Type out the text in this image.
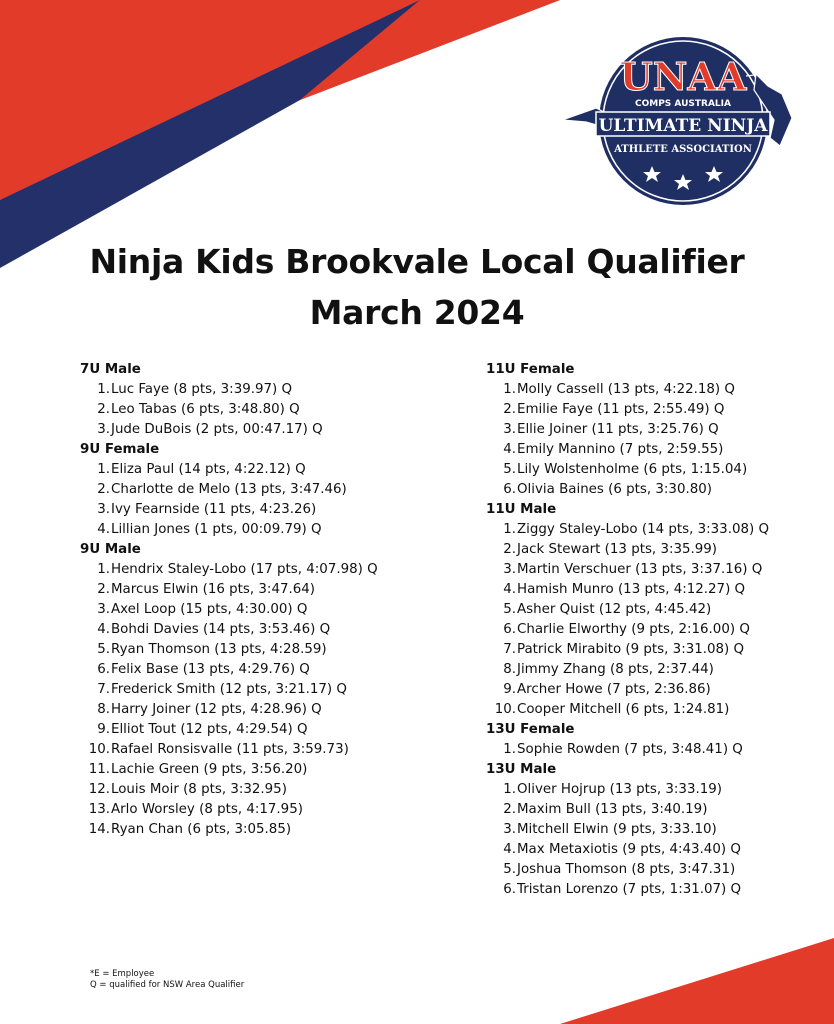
UNAA
COMPS AUSTRALIA
ULTIMATE NINJA
ATHLETE ASSOCIATION
Ninja Kids Brookvale Local Qualifier
March 2024
7U Male
1.Luc Faye (8 pts, 3:39.97) Q
2.Leo Tabas (6 pts, 3:48.80) Q
3.Jude DuBois (2 pts, 00:47.17) Q
9U Female
1.Eliza Paul (14 pts, 4:22.12) Q
2.Charlotte de Melo (13 pts, 3:47.46)
3.Ivy Fearnside (11 pts, 4:23.26)
4.Lillian Jones (1 pts, 00:09.79) Q
9U Male
1.Hendrix Staley-Lobo (17 pts, 4:07.98) Q
2.Marcus Elwin (16 pts, 3:47.64)
3.Axel Loop (15 pts, 4:30.00) Q
4.Bohdi Davies (14 pts, 3:53.46) Q
5.Ryan Thomson (13 pts, 4:28.59)
6.Felix Base (13 pts, 4:29.76) Q
7.Frederick Smith (12 pts, 3:21.17) Q
8.Harry Joiner (12 pts, 4:28.96) Q
9.Elliot Tout (12 pts, 4:29.54) Q
10.Rafael Ronsisvalle (11 pts, 3:59.73)
11.Lachie Green (9 pts, 3:56.20)
12.Louis Moir (8 pts, 3:32.95)
13.Arlo Worsley (8 pts, 4:17.95)
14.Ryan Chan (6 pts, 3:05.85)
11U Female
1.Molly Cassell (13 pts, 4:22.18) Q
2.Emilie Faye (11 pts, 2:55.49) Q
3.Ellie Joiner (11 pts, 3:25.76) Q
4.Emily Mannino (7 pts, 2:59.55)
5.Lily Wolstenholme (6 pts, 1:15.04)
6.Olivia Baines (6 pts, 3:30.80)
11U Male
1.Ziggy Staley-Lobo (14 pts, 3:33.08) Q
2.Jack Stewart (13 pts, 3:35.99)
3.Martin Verschuer (13 pts, 3:37.16) Q
4.Hamish Munro (13 pts, 4:12.27) Q
5.Asher Quist (12 pts, 4:45.42)
6.Charlie Elworthy (9 pts, 2:16.00) Q
7.Patrick Mirabito (9 pts, 3:31.08) Q
8.Jimmy Zhang (8 pts, 2:37.44)
9.Archer Howe (7 pts, 2:36.86)
10.Cooper Mitchell (6 pts, 1:24.81)
13U Female
1.Sophie Rowden (7 pts, 3:48.41) Q
13U Male
1.Oliver Hojrup (13 pts, 3:33.19)
2.Maxim Bull (13 pts, 3:40.19)
3.Mitchell Elwin (9 pts, 3:33.10)
4.Max Metaxiotis (9 pts, 4:43.40) Q
5.Joshua Thomson (8 pts, 3:47.31)
6.Tristan Lorenzo (7 pts, 1:31.07) Q
*E = Employee
Q = qualified for NSW Area Qualifier
